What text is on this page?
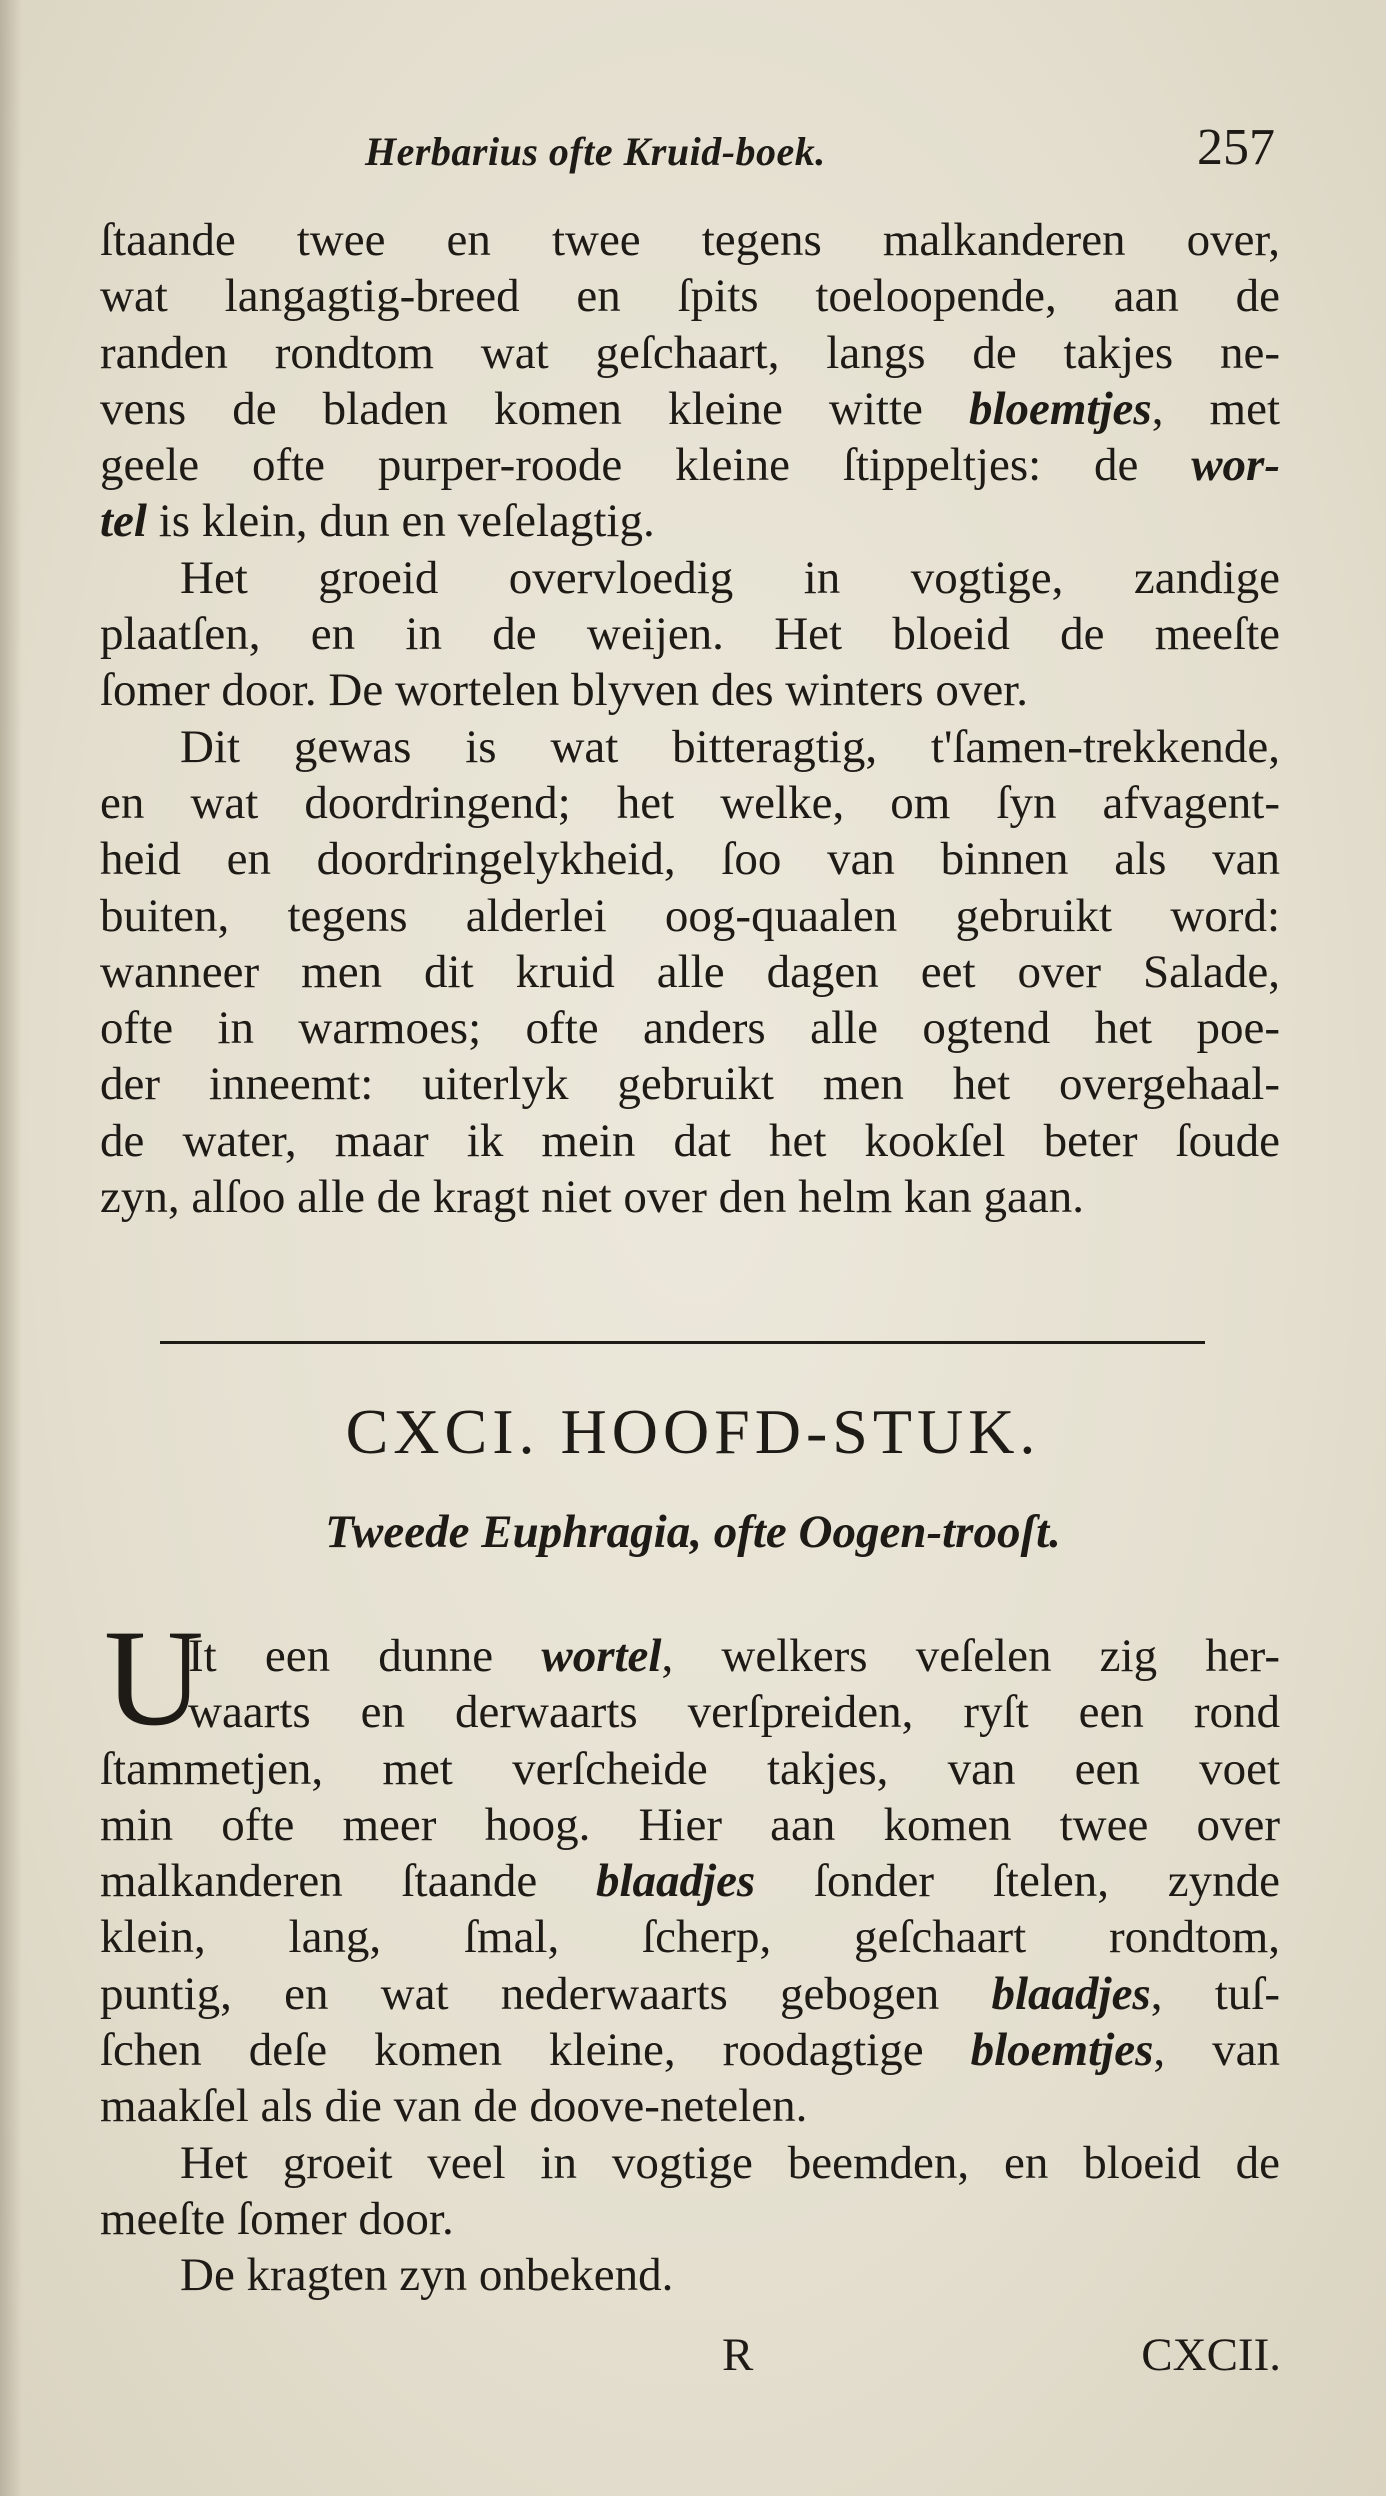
Herbarius ofte Kruid-boek.	257
ſtaande twee en twee tegens malkanderen over,
wat langagtig-breed en ſpits toeloopende, aan de
randen rondtom wat geſchaart, langs de takjes ne-
vens de bladen komen kleine witte bloemtjes, met
geele ofte purper-roode kleine ſtippeltjes: de wor-
tel is klein, dun en veſelagtig.
Het groeid overvloedig in vogtige, zandige
plaatſen, en in de weijen. Het bloeid de meeſte
ſomer door. De wortelen blyven des winters over.
Dit gewas is wat bitteragtig, t'ſamen-trekkende,
en wat doordringend; het welke, om ſyn afvagent-
heid en doordringelykheid, ſoo van binnen als van
buiten, tegens alderlei oog-quaalen gebruikt word:
wanneer men dit kruid alle dagen eet over Salade,
ofte in warmoes; ofte anders alle ogtend het poe-
der inneemt: uiterlyk gebruikt men het overgehaal-
de water, maar ik mein dat het kookſel beter ſoude
zyn, alſoo alle de kragt niet over den helm kan gaan.
CXCI. HOOFD-STUK.
Tweede Euphragia, ofte Oogen-trooſt.
U
It een dunne wortel, welkers veſelen zig her-
waarts en derwaarts verſpreiden, ryſt een rond
ſtammetjen, met verſcheide takjes, van een voet
min ofte meer hoog. Hier aan komen twee over
malkanderen ſtaande blaadjes ſonder ſtelen, zynde
klein, lang, ſmal, ſcherp, geſchaart rondtom,
puntig, en wat nederwaarts gebogen blaadjes, tuſ-
ſchen deſe komen kleine, roodagtige bloemtjes, van
maakſel als die van de doove-netelen.
Het groeit veel in vogtige beemden, en bloeid de
meeſte ſomer door.
De kragten zyn onbekend.
R	CXCII.
